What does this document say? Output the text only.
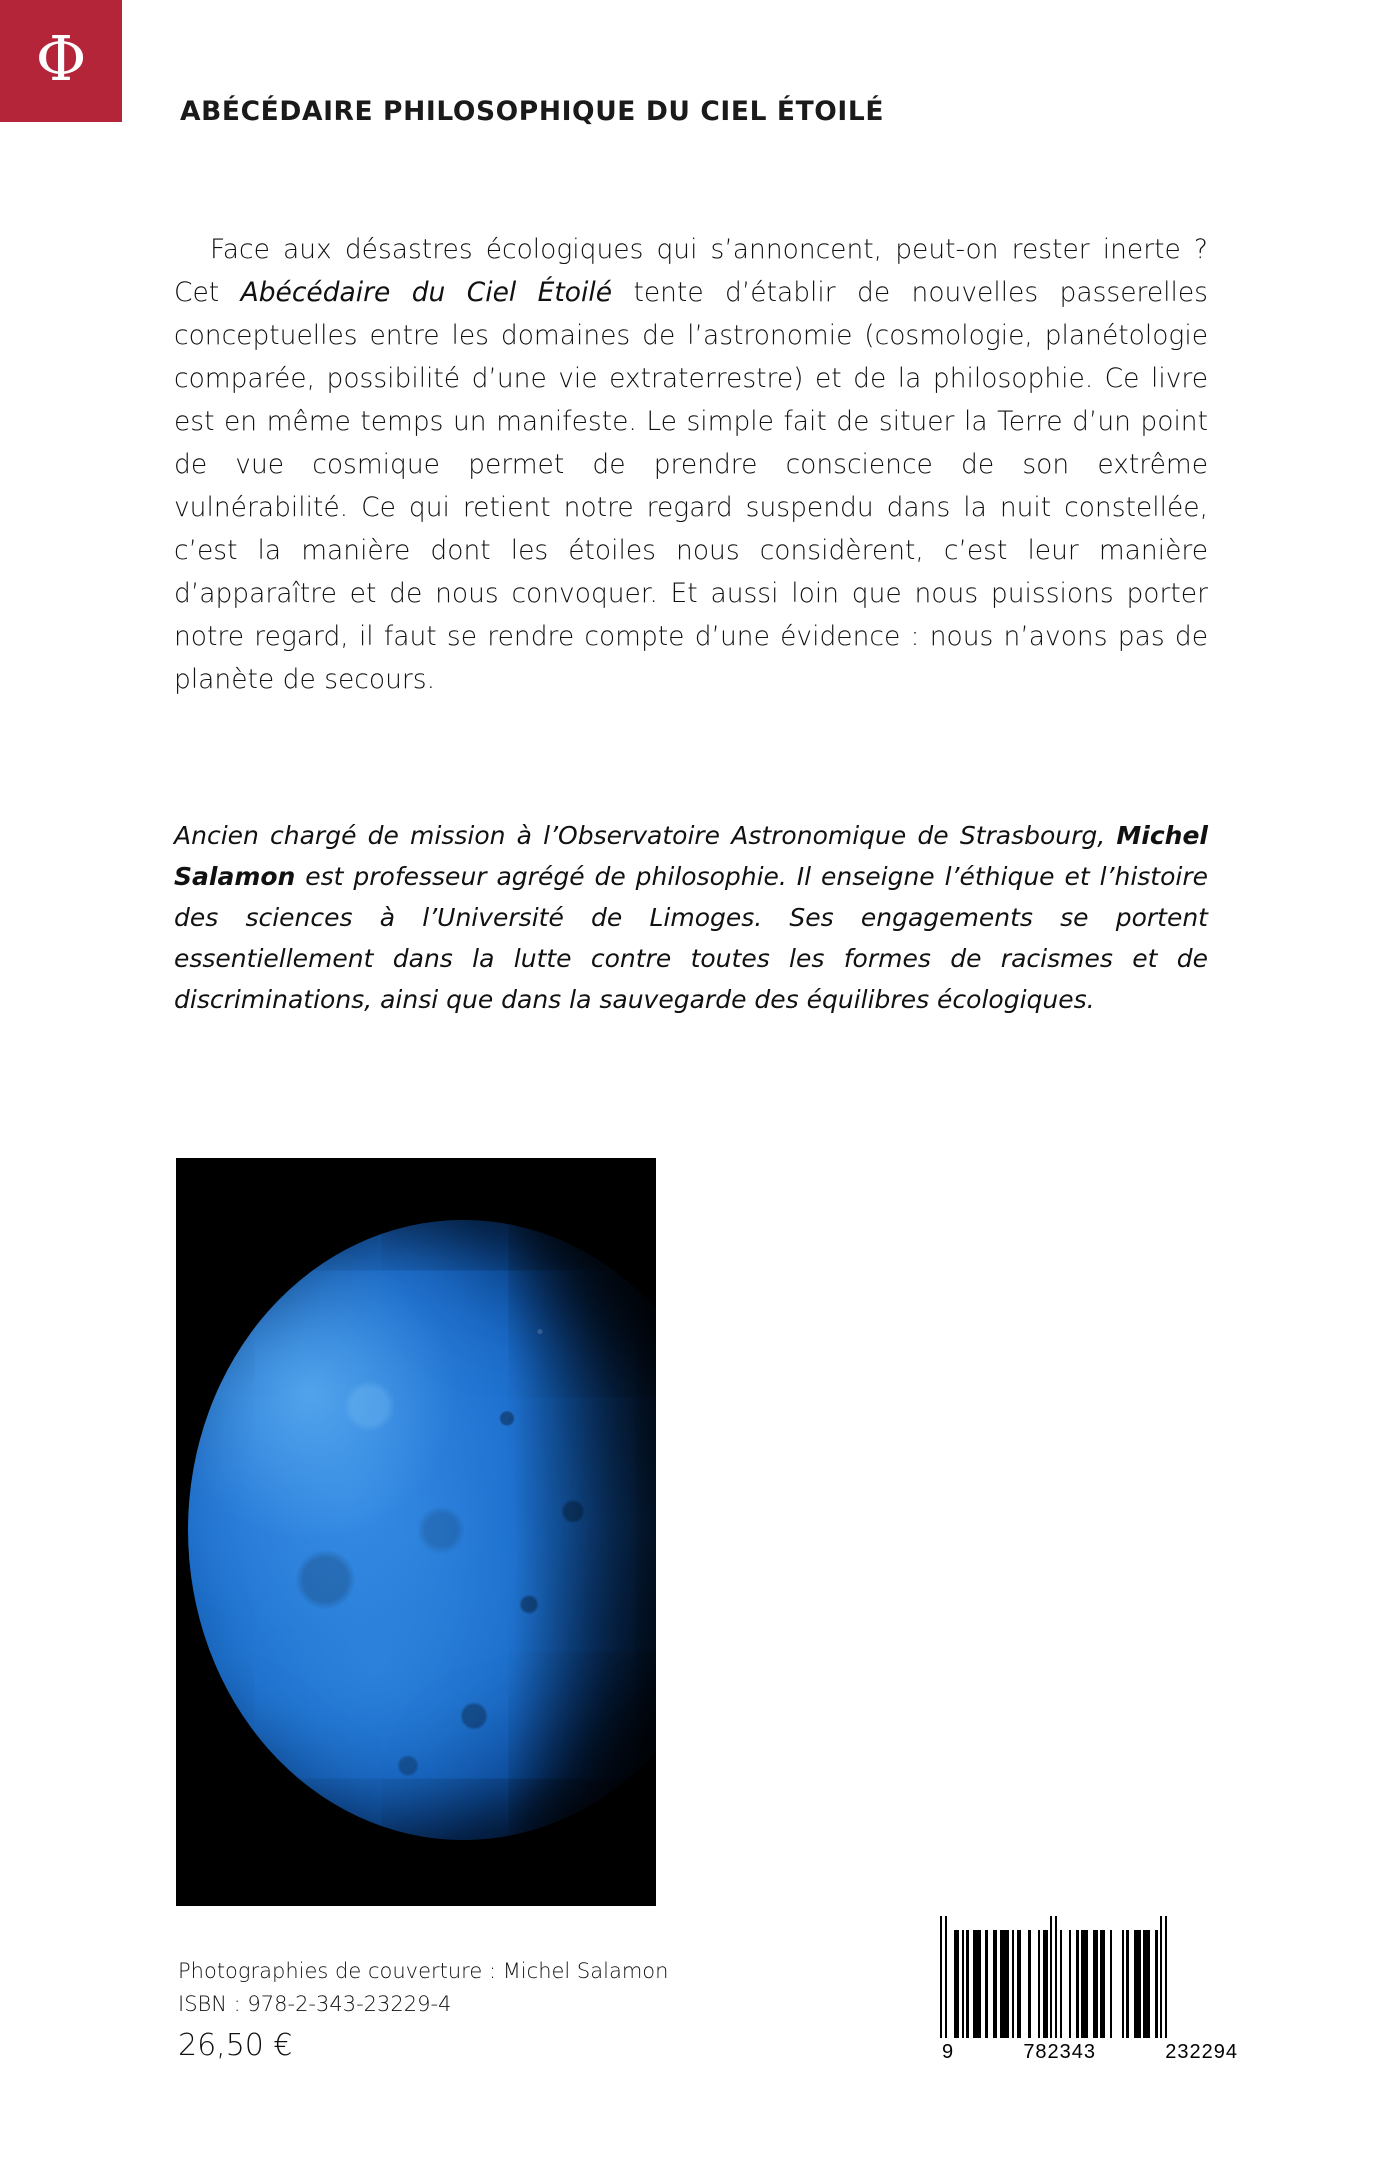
Φ
ABÉCÉDAIRE PHILOSOPHIQUE DU CIEL ÉTOILÉ
Face aux désastres écologiques qui s’annoncent, peut-on rester inerte ? Cet Abécédaire du Ciel Étoilé tente d’établir de nouvelles passerelles conceptuelles entre les domaines de l’astronomie (cosmologie, planétologie comparée, possibilité d’une vie extraterrestre) et de la philosophie. Ce livre est en même temps un manifeste. Le simple fait de situer la Terre d’un point de vue cosmique permet de prendre conscience de son extrême vulnérabilité. Ce qui retient notre regard suspendu dans la nuit constellée, c’est la manière dont les étoiles nous considèrent, c’est leur manière d’apparaître et de nous convoquer. Et aussi loin que nous puissions porter notre regard, il faut se rendre compte d’une évidence : nous n’avons pas de planète de secours.
Ancien chargé de mission à l’Observatoire Astronomique de Strasbourg, Michel Salamon est professeur agrégé de philosophie. Il enseigne l’éthique et l’histoire des sciences à l’Université de Limoges. Ses engagements se portent essentiellement dans la lutte contre toutes les formes de racismes et de discriminations, ainsi que dans la sauvegarde des équilibres écologiques.
Photographies de couverture : Michel Salamon
ISBN : 978-2-343-23229-4
26,50 €	9	782343	232294
